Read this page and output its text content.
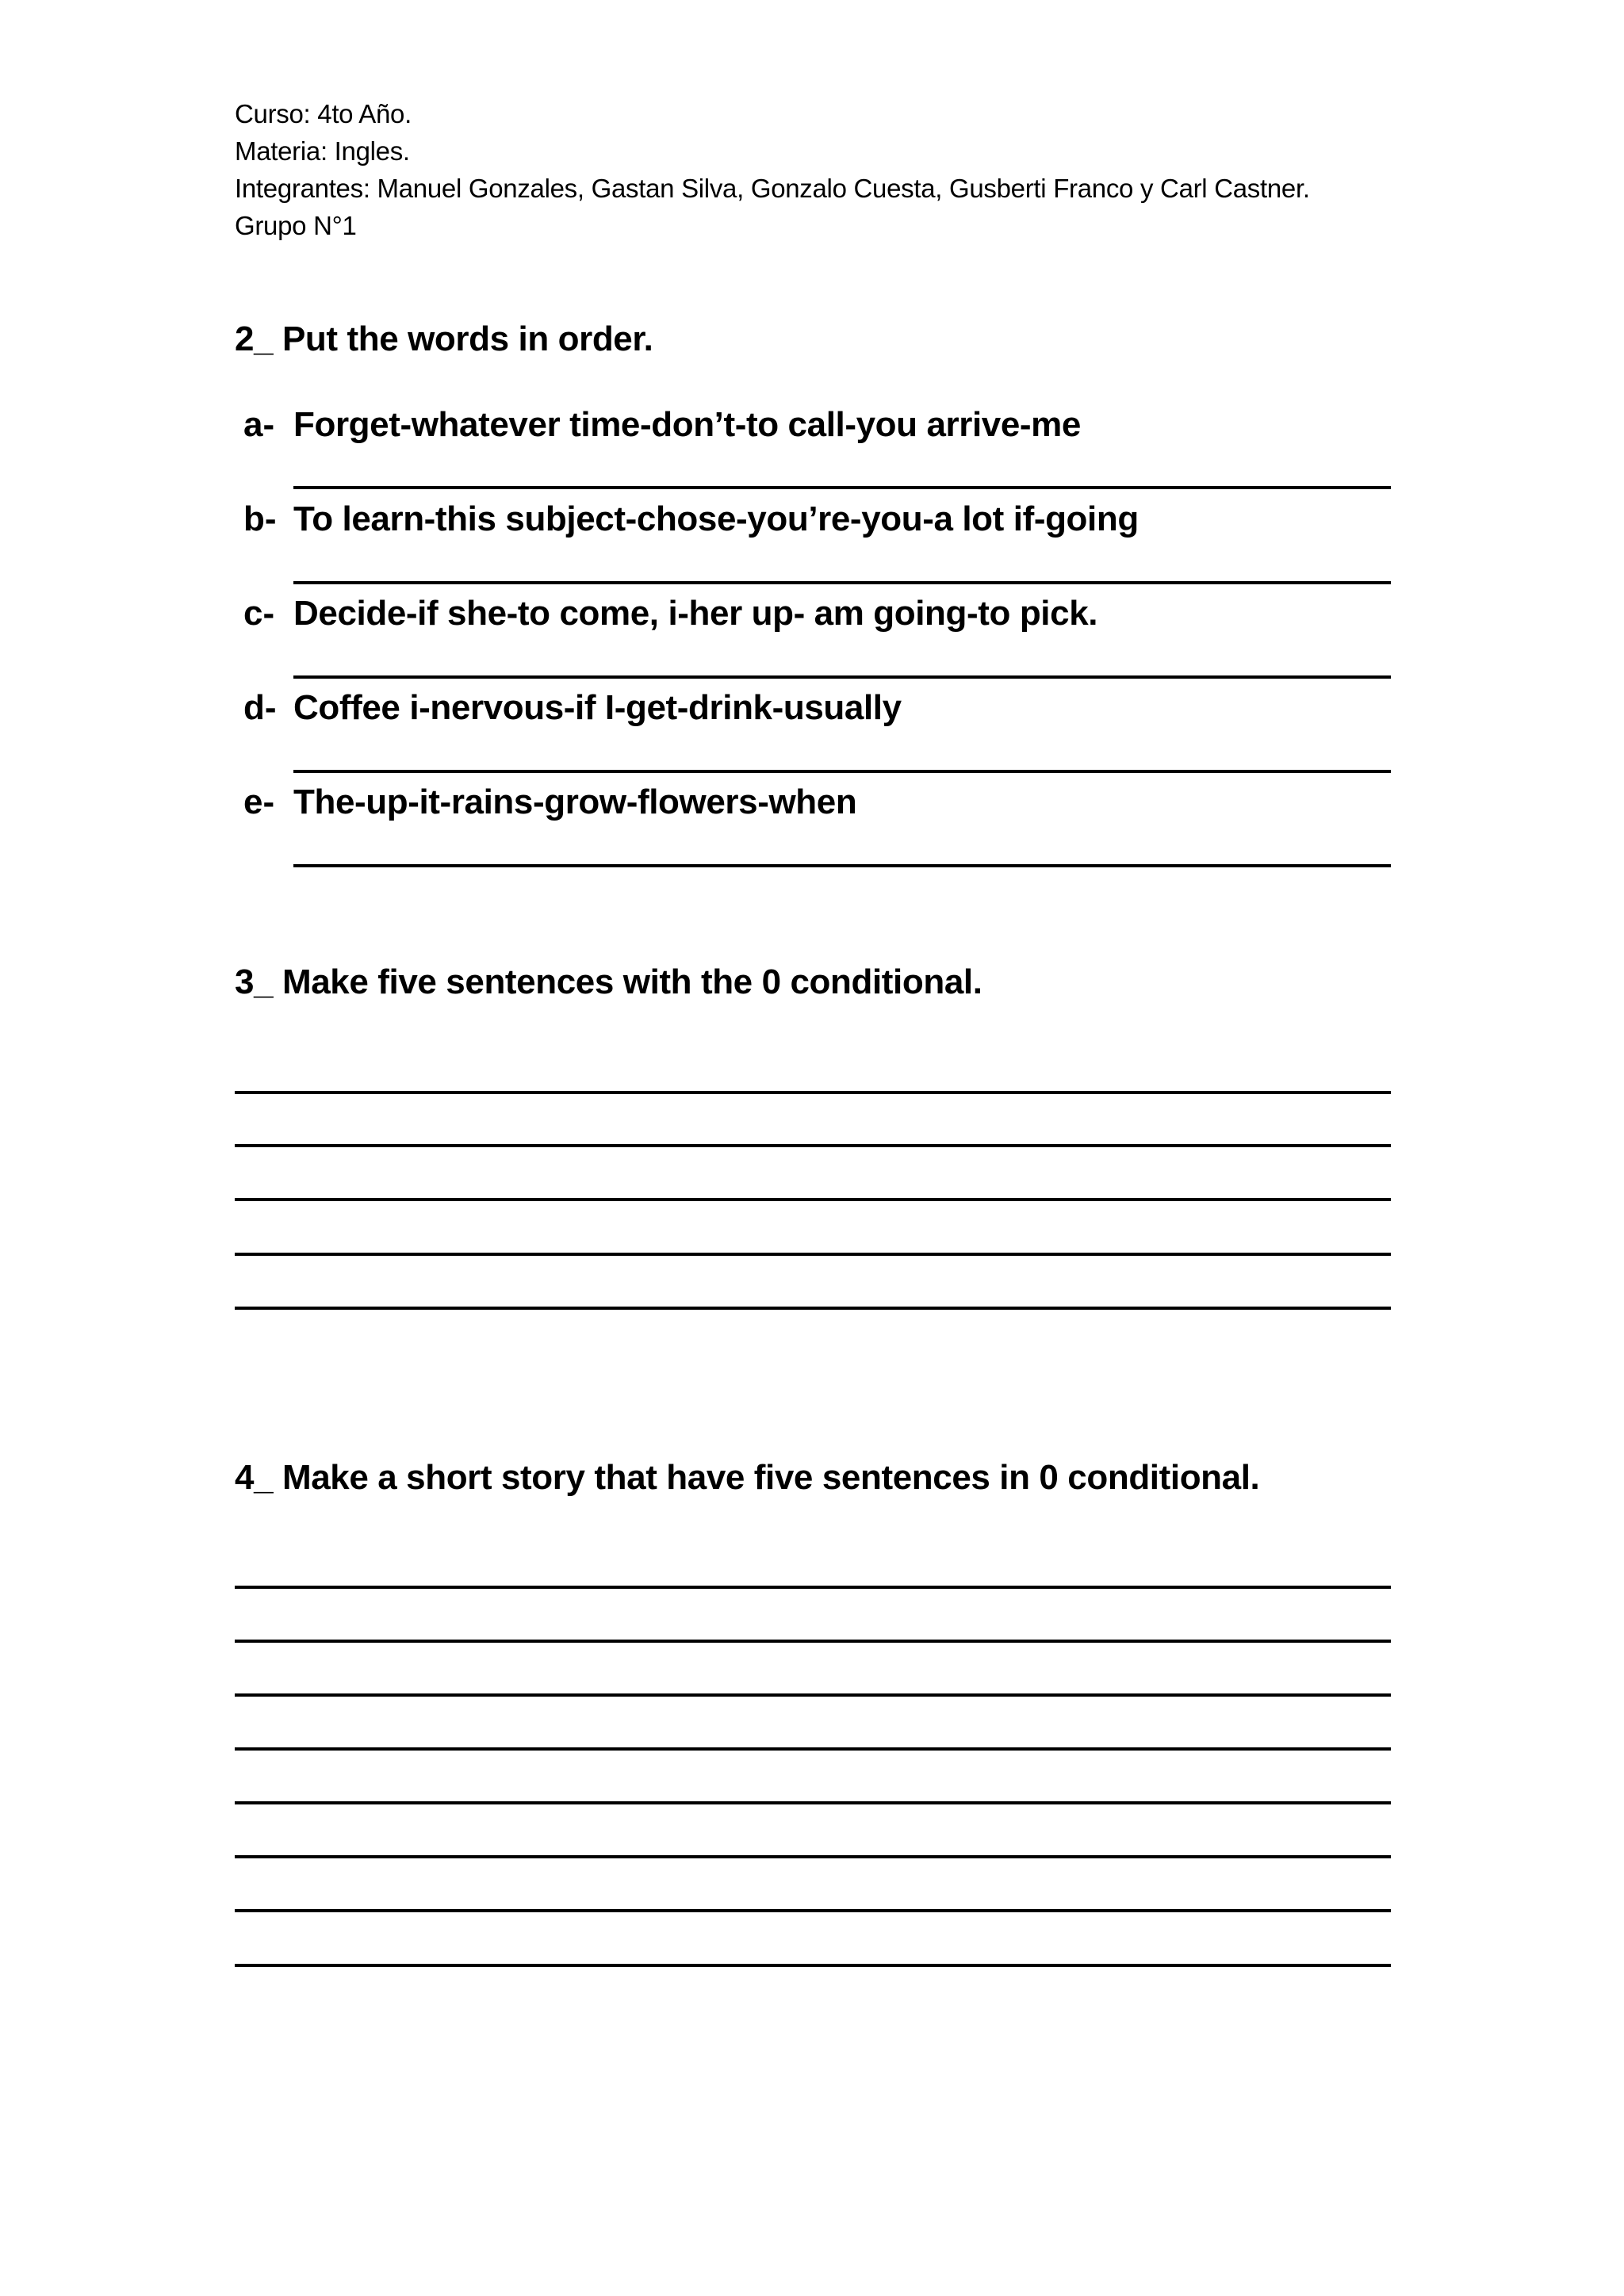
Curso: 4to Año.
Materia: Ingles.
Integrantes: Manuel Gonzales, Gastan Silva, Gonzalo Cuesta, Gusberti Franco y Carl Castner.
Grupo N°1
2_ Put the words in order.
a- Forget-whatever time-don’t-to call-you arrive-me
b- To learn-this subject-chose-you’re-you-a lot if-going
c- Decide-if she-to come, i-her up- am going-to pick.
d- Coffee i-nervous-if I-get-drink-usually
e- The-up-it-rains-grow-flowers-when
3_ Make five sentences with the 0 conditional.
4_ Make a short story that have five sentences in 0 conditional.
